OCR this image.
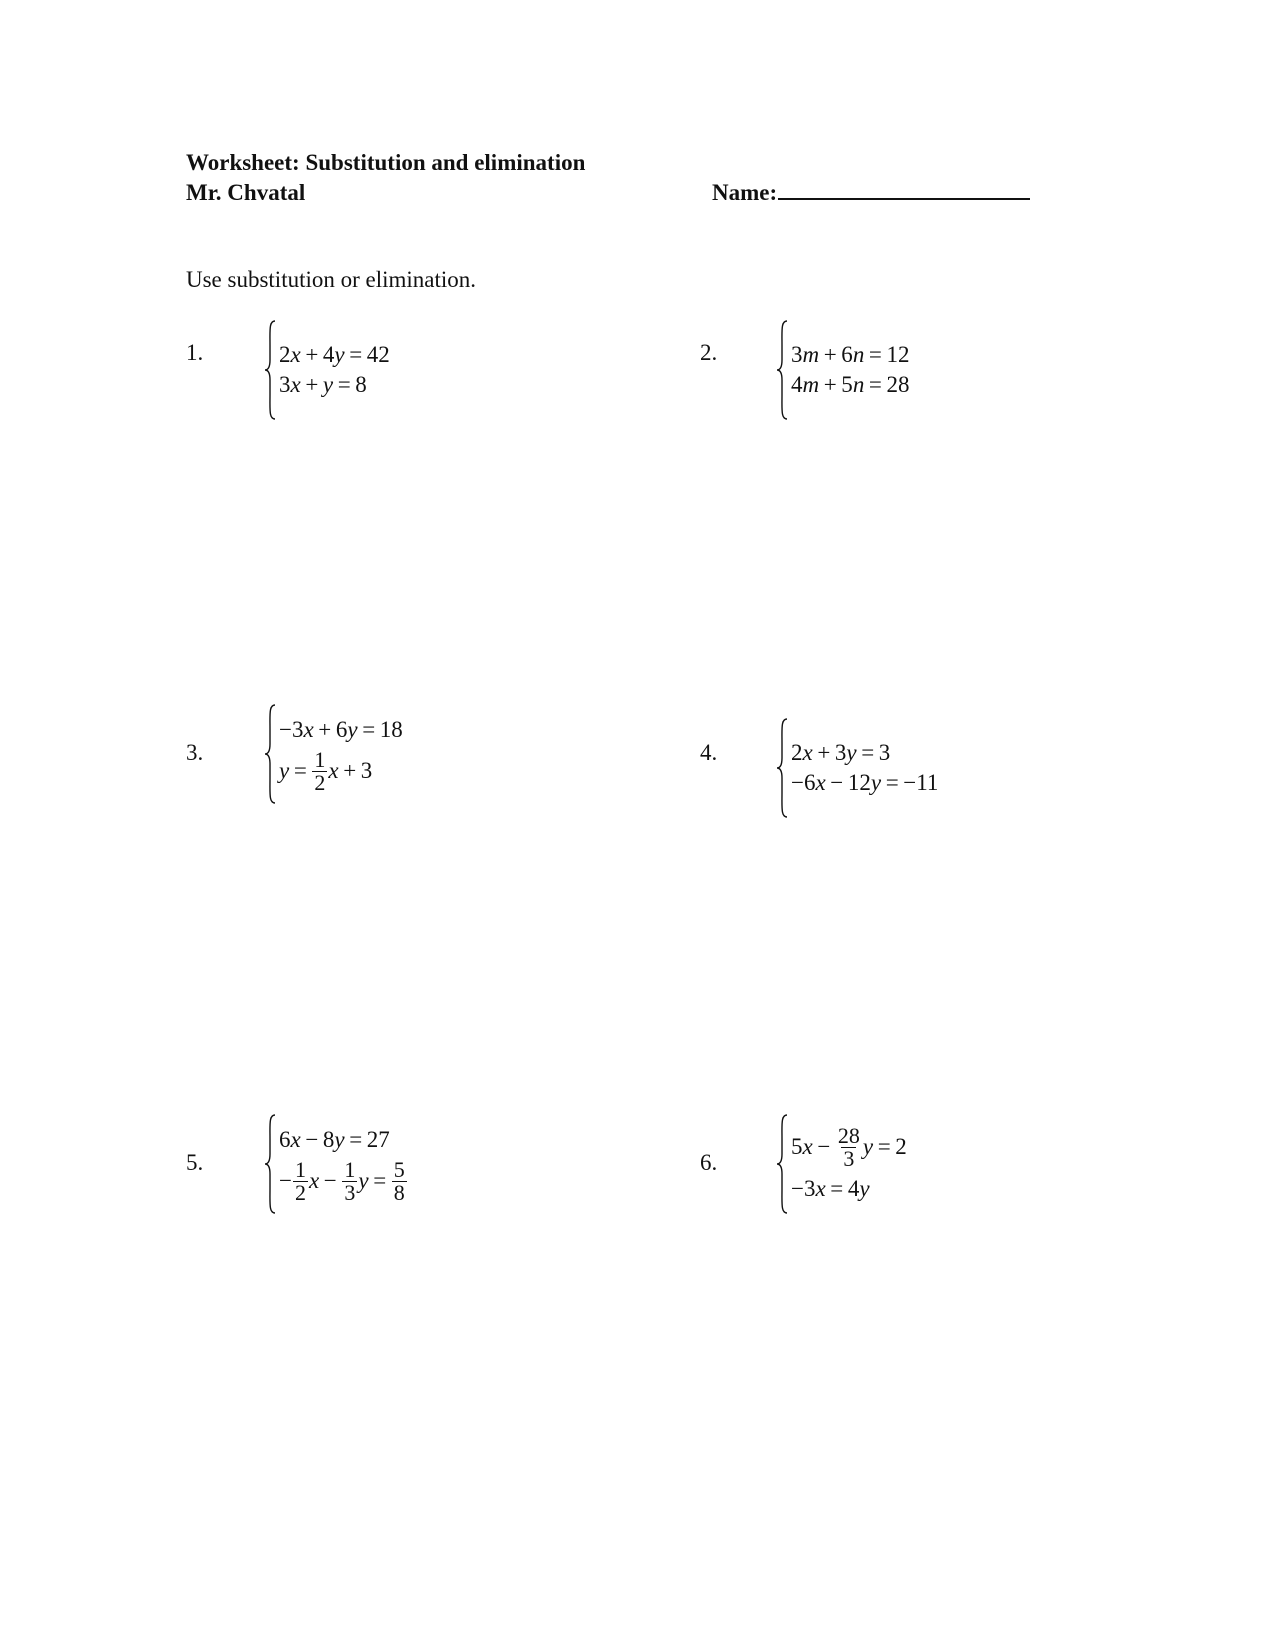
Worksheet: Substitution and elimination
Mr. Chvatal	Name:
Use substitution or elimination.
1.	2 x  + 4 y  = 42
3 x  +  y  = 8
2.	3 m  + 6 n  = 12
4 m  + 5 n  = 28
3.
−3 x  + 6 y  = 18
$y = \frac{1}{2}$ x  + 3
4.	2 x  + 3 y  = 3
−6 x  − 12 y  = −11
5.
6 x  − 8 y  = 27
− $\frac{1}{2}$ $x - \frac{1}{3}$ $y = \frac{5}{8}$	6.
5 $x - \frac{28}{3}$ y  = 2
−3 x  = 4 y
